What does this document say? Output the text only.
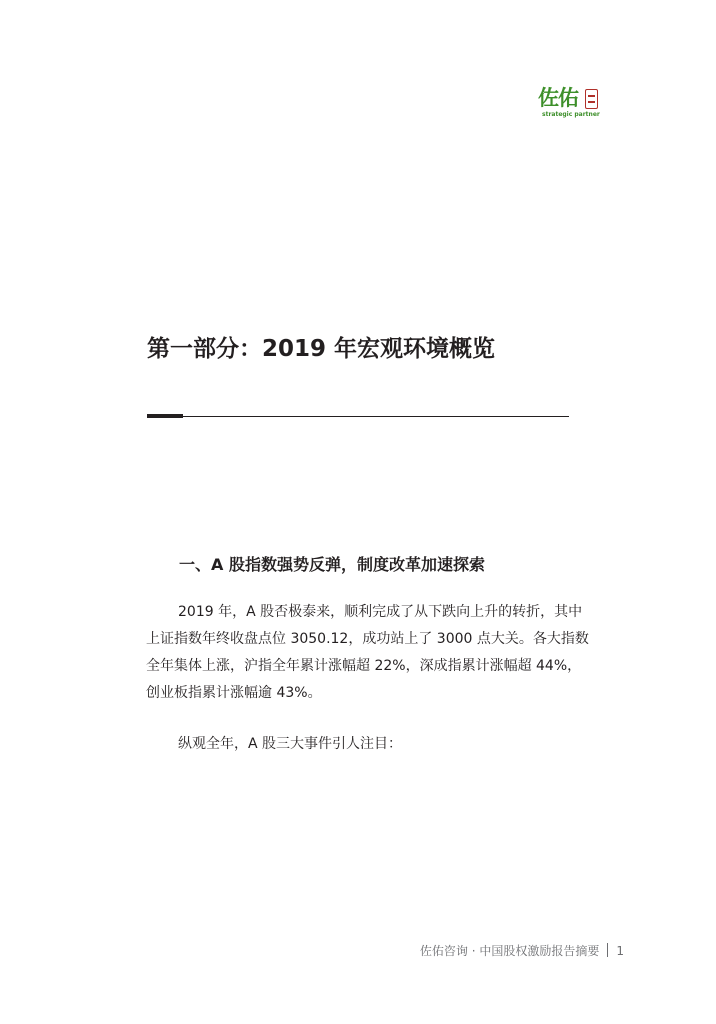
佐佑
strategic partner
第一部分：2019 年宏观环境概览
一、A 股指数强势反弹，制度改革加速探索

2019 年，A 股否极泰来，顺利完成了从下跌向上升的转折，其中
上证指数年终收盘点位 3050.12，成功站上了 3000 点大关。各大指数
全年集体上涨，沪指全年累计涨幅超 22%，深成指累计涨幅超 44%，
创业板指累计涨幅逾 43%。

纵观全年，A 股三大事件引人注目：

佐佑咨询 · 中国股权激励报告摘要 1
